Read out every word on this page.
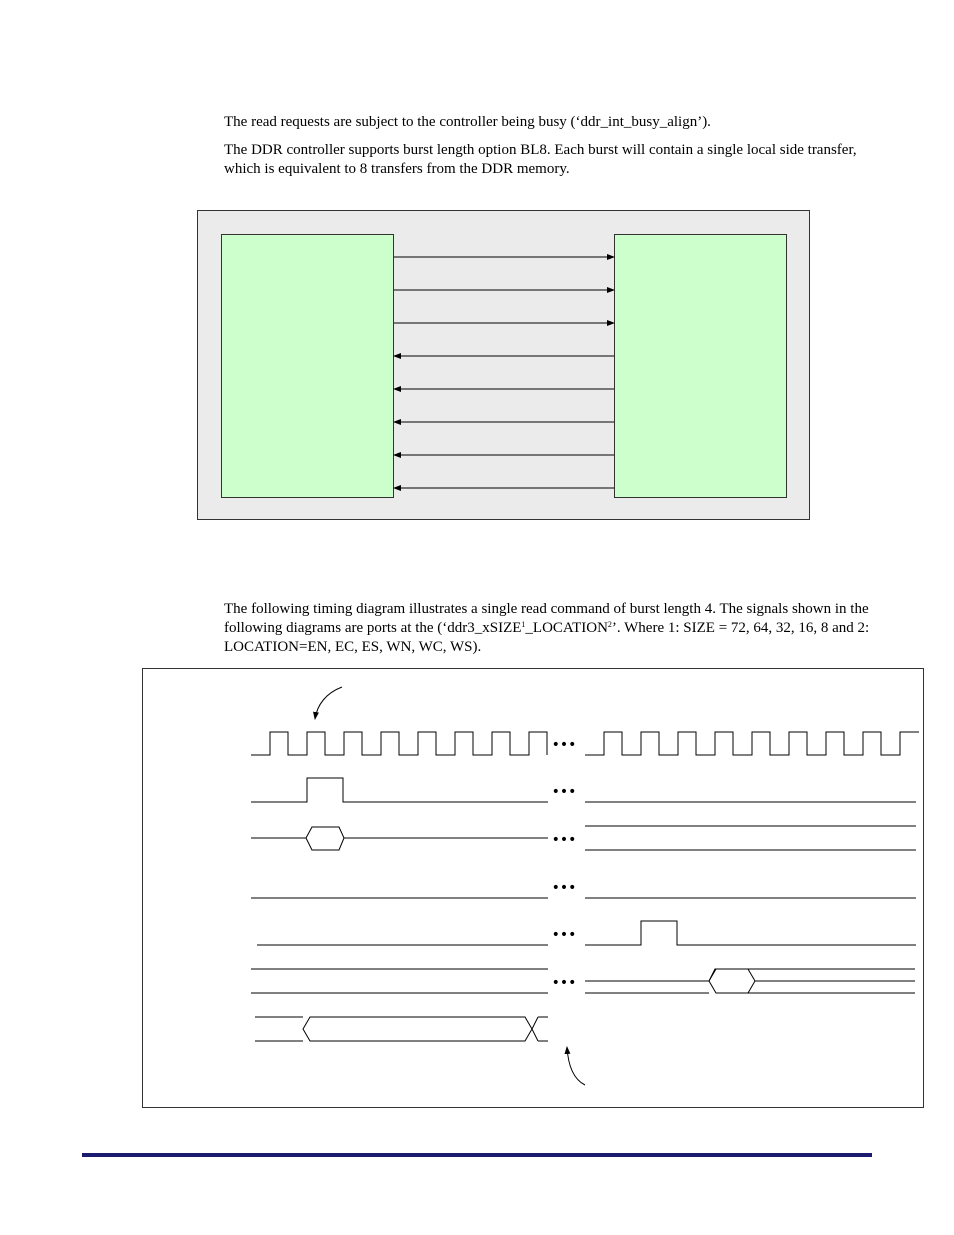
The read requests are subject to the controller being busy (‘ddr_int_busy_align’).

The DDR controller supports burst length option BL8. Each burst will contain a single local side transfer, which is equivalent to 8 transfers from the DDR memory.

The following timing diagram illustrates a single read command of burst length 4. The signals shown in the following diagrams are ports at the (‘ddr3_xSIZE$^1$_LOCATION$^2$’. Where 1: SIZE = 72, 64, 32, 16, 8 and 2: LOCATION=EN, EC, ES, WN, WC, WS).

•••
•••
•••
•••
•••
•••
